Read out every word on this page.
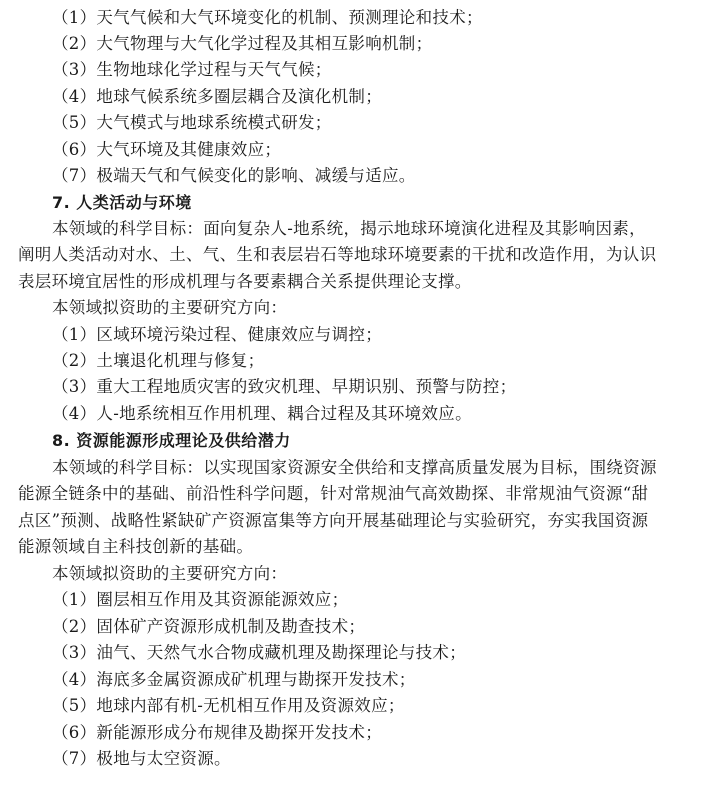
（1）天气气候和大气环境变化的机制、预测理论和技术；
（2）大气物理与大气化学过程及其相互影响机制；
（3）生物地球化学过程与天气气候；
（4）地球气候系统多圈层耦合及演化机制；
（5）大气模式与地球系统模式研发；
（6）大气环境及其健康效应；
（7）极端天气和气候变化的影响、减缓与适应。
7. 人类活动与环境
本领域的科学目标：面向复杂人-地系统，揭示地球环境演化进程及其影响因素，
阐明人类活动对水、土、气、生和表层岩石等地球环境要素的干扰和改造作用，为认识
表层环境宜居性的形成机理与各要素耦合关系提供理论支撑。
本领域拟资助的主要研究方向：
（1）区域环境污染过程、健康效应与调控；
（2）土壤退化机理与修复；
（3）重大工程地质灾害的致灾机理、早期识别、预警与防控；
（4）人-地系统相互作用机理、耦合过程及其环境效应。
8. 资源能源形成理论及供给潜力
本领域的科学目标：以实现国家资源安全供给和支撑高质量发展为目标，围绕资源
能源全链条中的基础、前沿性科学问题，针对常规油气高效勘探、非常规油气资源“甜
点区”预测、战略性紧缺矿产资源富集等方向开展基础理论与实验研究，夯实我国资源
能源领域自主科技创新的基础。
本领域拟资助的主要研究方向：
（1）圈层相互作用及其资源能源效应；
（2）固体矿产资源形成机制及勘查技术；
（3）油气、天然气水合物成藏机理及勘探理论与技术；
（4）海底多金属资源成矿机理与勘探开发技术；
（5）地球内部有机-无机相互作用及资源效应；
（6）新能源形成分布规律及勘探开发技术；
（7）极地与太空资源。
